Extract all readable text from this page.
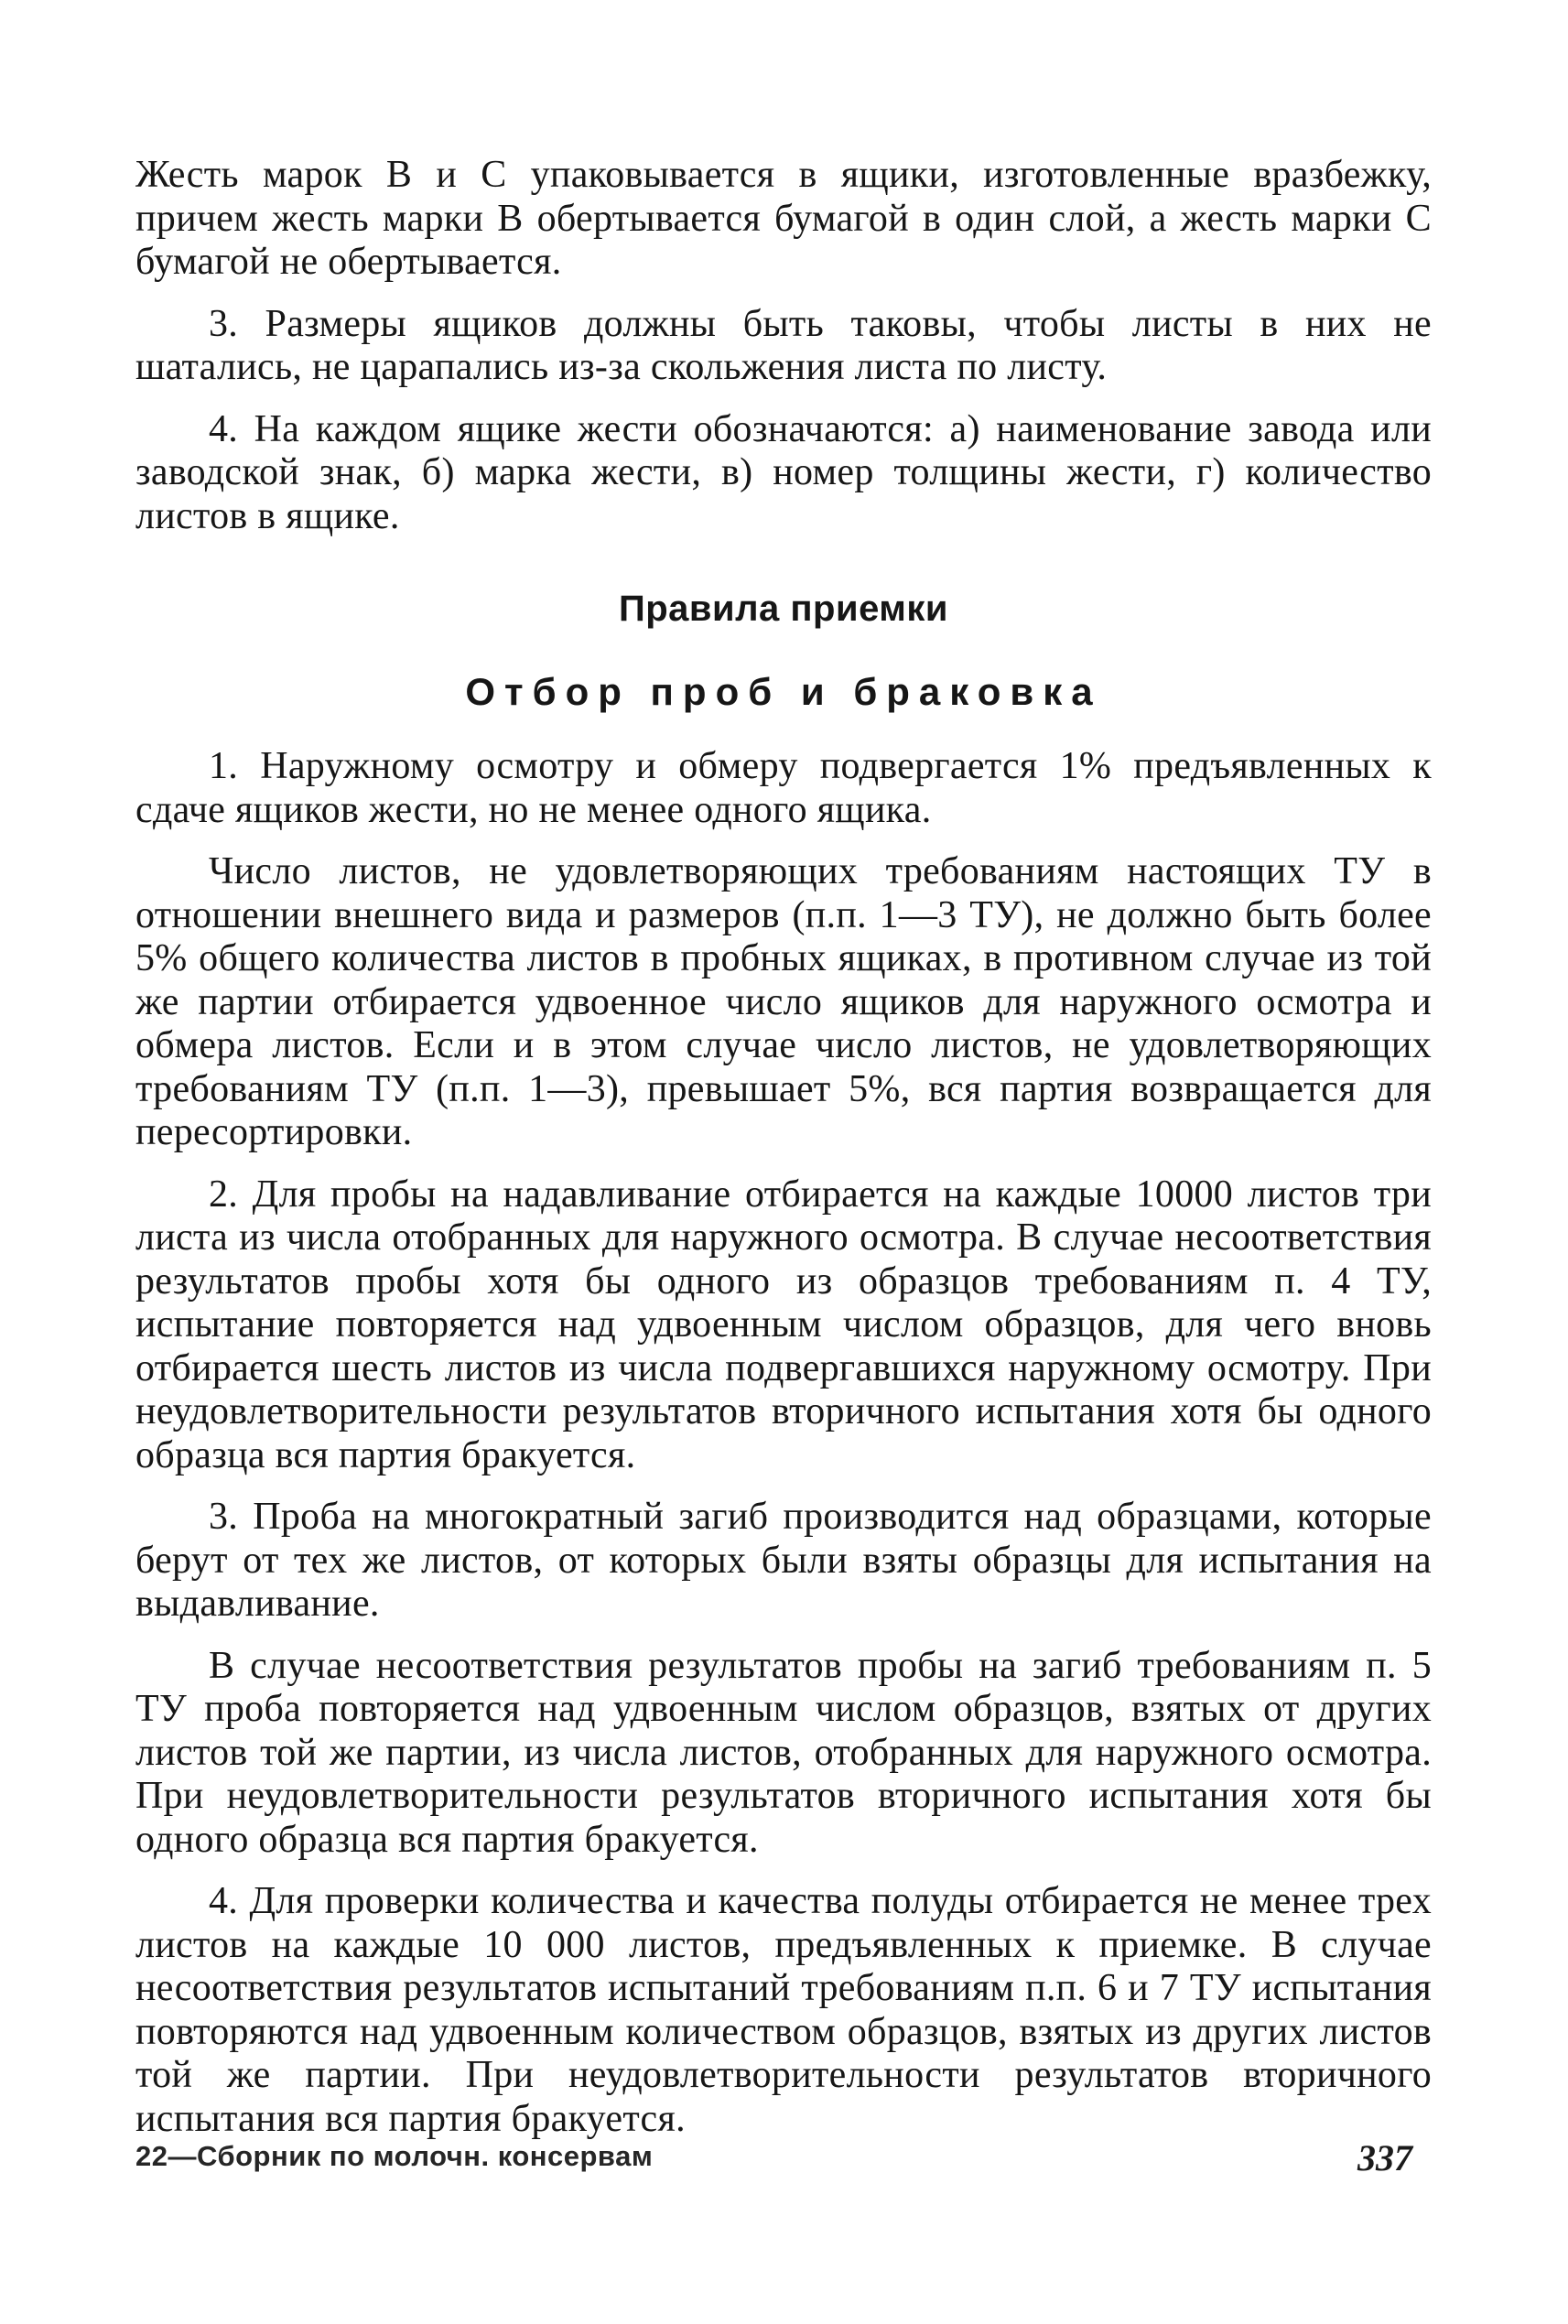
Жесть марок В и С упаковывается в ящики, изготовленные вразбежку, причем жесть марки В обертывается бумагой в один слой, а жесть марки С бумагой не обертывается.

3. Размеры ящиков должны быть таковы, чтобы листы в них не шатались, не царапались из-за скольжения листа по листу.

4. На каждом ящике жести обозначаются: а) наименование завода или заводской знак, б) марка жести, в) номер толщины жести, г) количество листов в ящике.

Правила приемки
Отбор проб и браковка

1. Наружному осмотру и обмеру подвергается 1% предъявленных к сдаче ящиков жести, но не менее одного ящика.

Число листов, не удовлетворяющих требованиям настоящих ТУ в отношении внешнего вида и размеров (п.п. 1—3 ТУ), не должно быть более 5% общего количества листов в пробных ящиках, в противном случае из той же партии отбирается удвоенное число ящиков для наружного осмотра и обмера листов. Если и в этом случае число листов, не удовлетворяющих требованиям ТУ (п.п. 1—3), превышает 5%, вся партия возвращается для пересортировки.

2. Для пробы на надавливание отбирается на каждые 10000 листов три листа из числа отобранных для наружного осмотра. В случае несоответствия результатов пробы хотя бы одного из образцов требованиям п. 4 ТУ, испытание повторяется над удвоенным числом образцов, для чего вновь отбирается шесть листов из числа подвергавшихся наружному осмотру. При неудовлетворительности результатов вторичного испытания хотя бы одного образца вся партия бракуется.

3. Проба на многократный загиб производится над образцами, которые берут от тех же листов, от которых были взяты образцы для испытания на выдавливание.

В случае несоответствия результатов пробы на загиб требованиям п. 5 ТУ проба повторяется над удвоенным числом образцов, взятых от других листов той же партии, из числа листов, отобранных для наружного осмотра. При неудовлетворительности результатов вторичного испытания хотя бы одного образца вся партия бракуется.

4. Для проверки количества и качества полуды отбирается не менее трех листов на каждые 10 000 листов, предъявленных к приемке. В случае несоответствия результатов испытаний требованиям п.п. 6 и 7 ТУ испытания повторяются над удвоенным количеством образцов, взятых из других листов той же партии. При неудовлетворительности результатов вторичного испытания вся партия бракуется.

22—Сборник по молочн. консервам	337
